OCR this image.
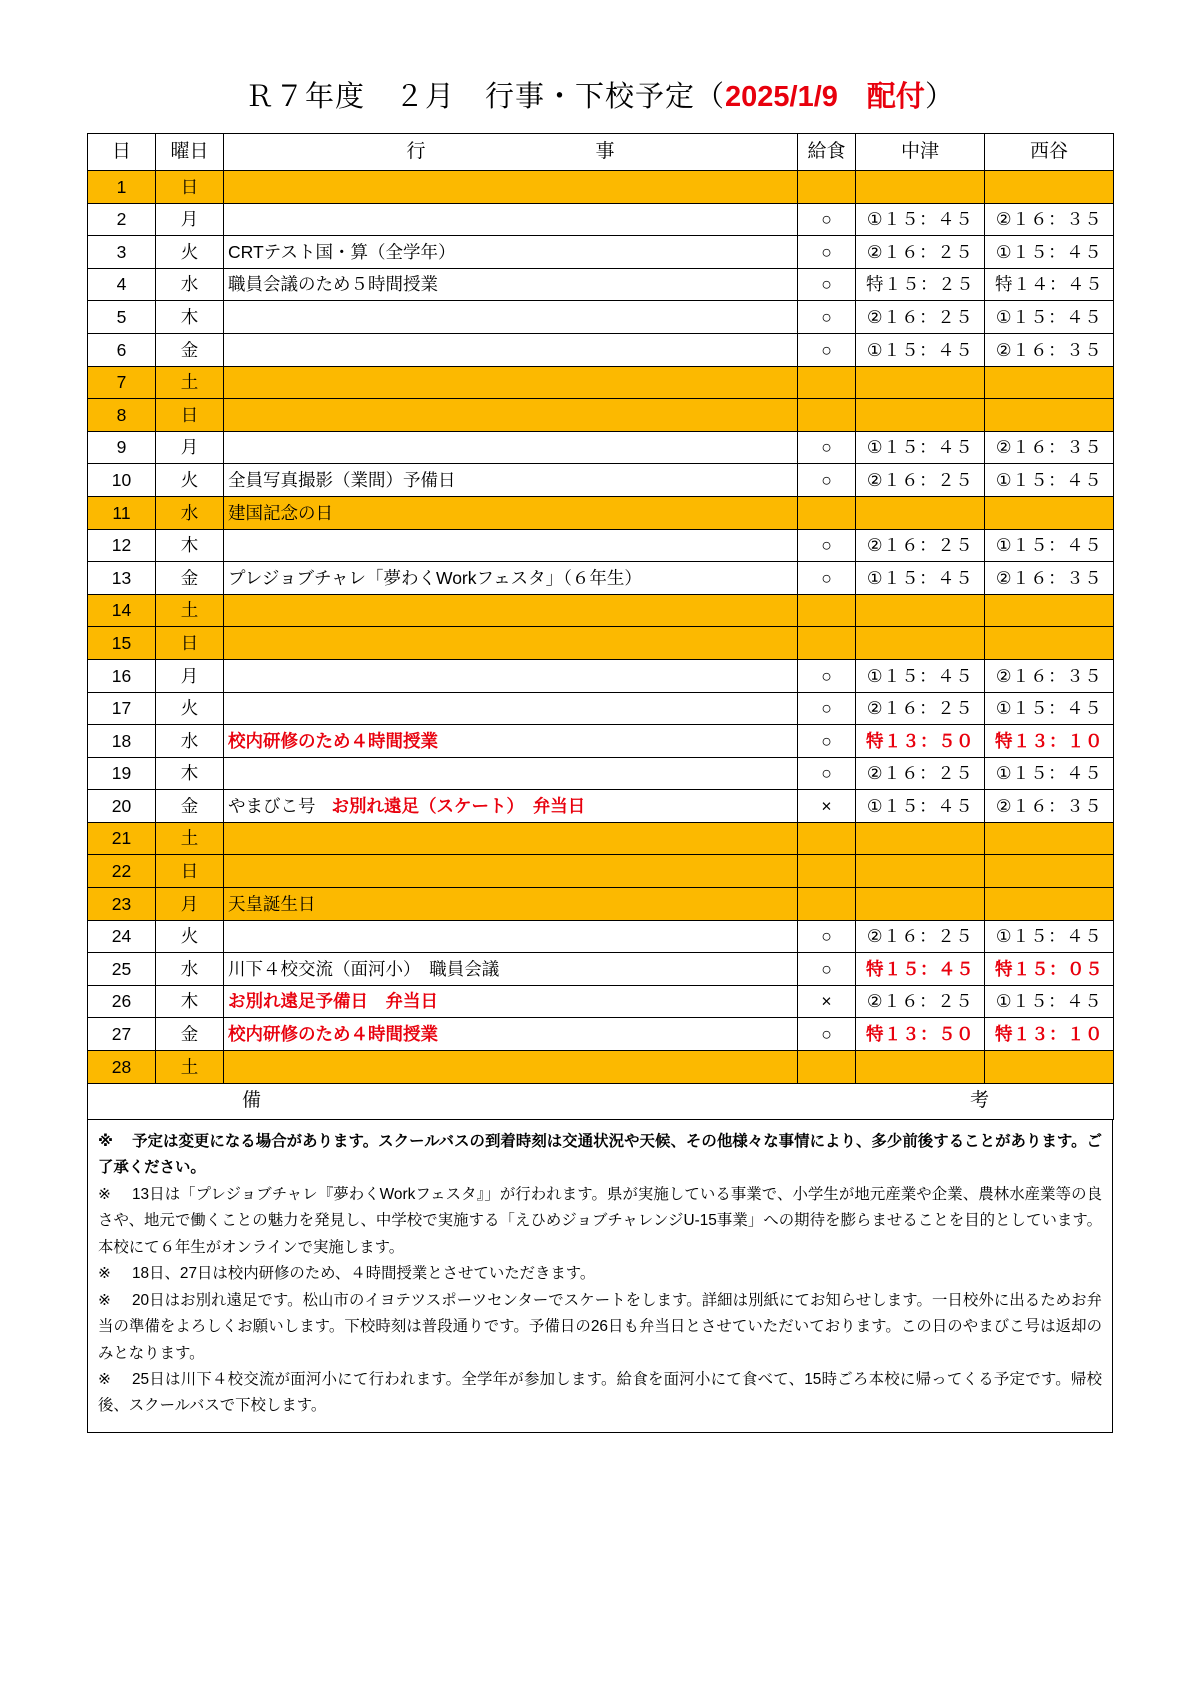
Ｒ７年度　２月　行事・下校予定（2025/1/9　配付）
日	曜日	行 事	給食	中津	西谷
1	日				
2	月		○	①１５：４５	②１６：３５
3	火	CRTテスト国・算（全学年）	○	②１６：２５	①１５：４５
4	水	職員会議のため５時間授業	○	特１５：２５	特１４：４５
5	木		○	②１６：２５	①１５：４５
6	金		○	①１５：４５	②１６：３５
7	土				
8	日				
9	月		○	①１５：４５	②１６：３５
10	火	全員写真撮影（業間）予備日	○	②１６：２５	①１５：４５
11	水	建国記念の日			
12	木		○	②１６：２５	①１５：４５
13	金	プレジョブチャレ「夢わくWorkフェスタ」（６年生）	○	①１５：４５	②１６：３５
14	土				
15	日				
16	月		○	①１５：４５	②１６：３５
17	火		○	②１６：２５	①１５：４５
18	水	校内研修のため４時間授業	○	特１３：５０	特１３：１０
19	木		○	②１６：２５	①１５：４５
20	金	やまびこ号 お別れ遠足（スケート）　弁当日	×	①１５：４５	②１６：３５
21	土				
22	日				
23	月	天皇誕生日			
24	火		○	②１６：２５	①１５：４５
25	水	川下４校交流（面河小）　職員会議	○	特１５：４５	特１５：０５
26	木	お別れ遠足予備日　弁当日	×	②１６：２５	①１５：４５
27	金	校内研修のため４時間授業	○	特１３：５０	特１３：１０
28	土				

備 考					

※ 予定は変更になる場合があります。スクールバスの到着時刻は交通状況や天候、その他様々な事情により、多少前後することがあります。ご了承ください。

※ 13日は「プレジョブチャレ『夢わくWorkフェスタ』」が行われます。県が実施している事業で、小学生が地元産業や企業、農林水産業等の良さや、地元で働くことの魅力を発見し、中学校で実施する「えひめジョブチャレンジU-15事業」への期待を膨らませることを目的としています。本校にて６年生がオンラインで実施します。

※ 18日、27日は校内研修のため、４時間授業とさせていただきます。

※ 20日はお別れ遠足です。松山市のイヨテツスポーツセンターでスケートをします。詳細は別紙にてお知らせします。一日校外に出るためお弁当の準備をよろしくお願いします。下校時刻は普段通りです。予備日の26日も弁当日とさせていただいております。この日のやまびこ号は返却のみとなります。

※ 25日は川下４校交流が面河小にて行われます。全学年が参加します。給食を面河小にて食べて、15時ごろ本校に帰ってくる予定です。帰校後、スクールバスで下校します。
